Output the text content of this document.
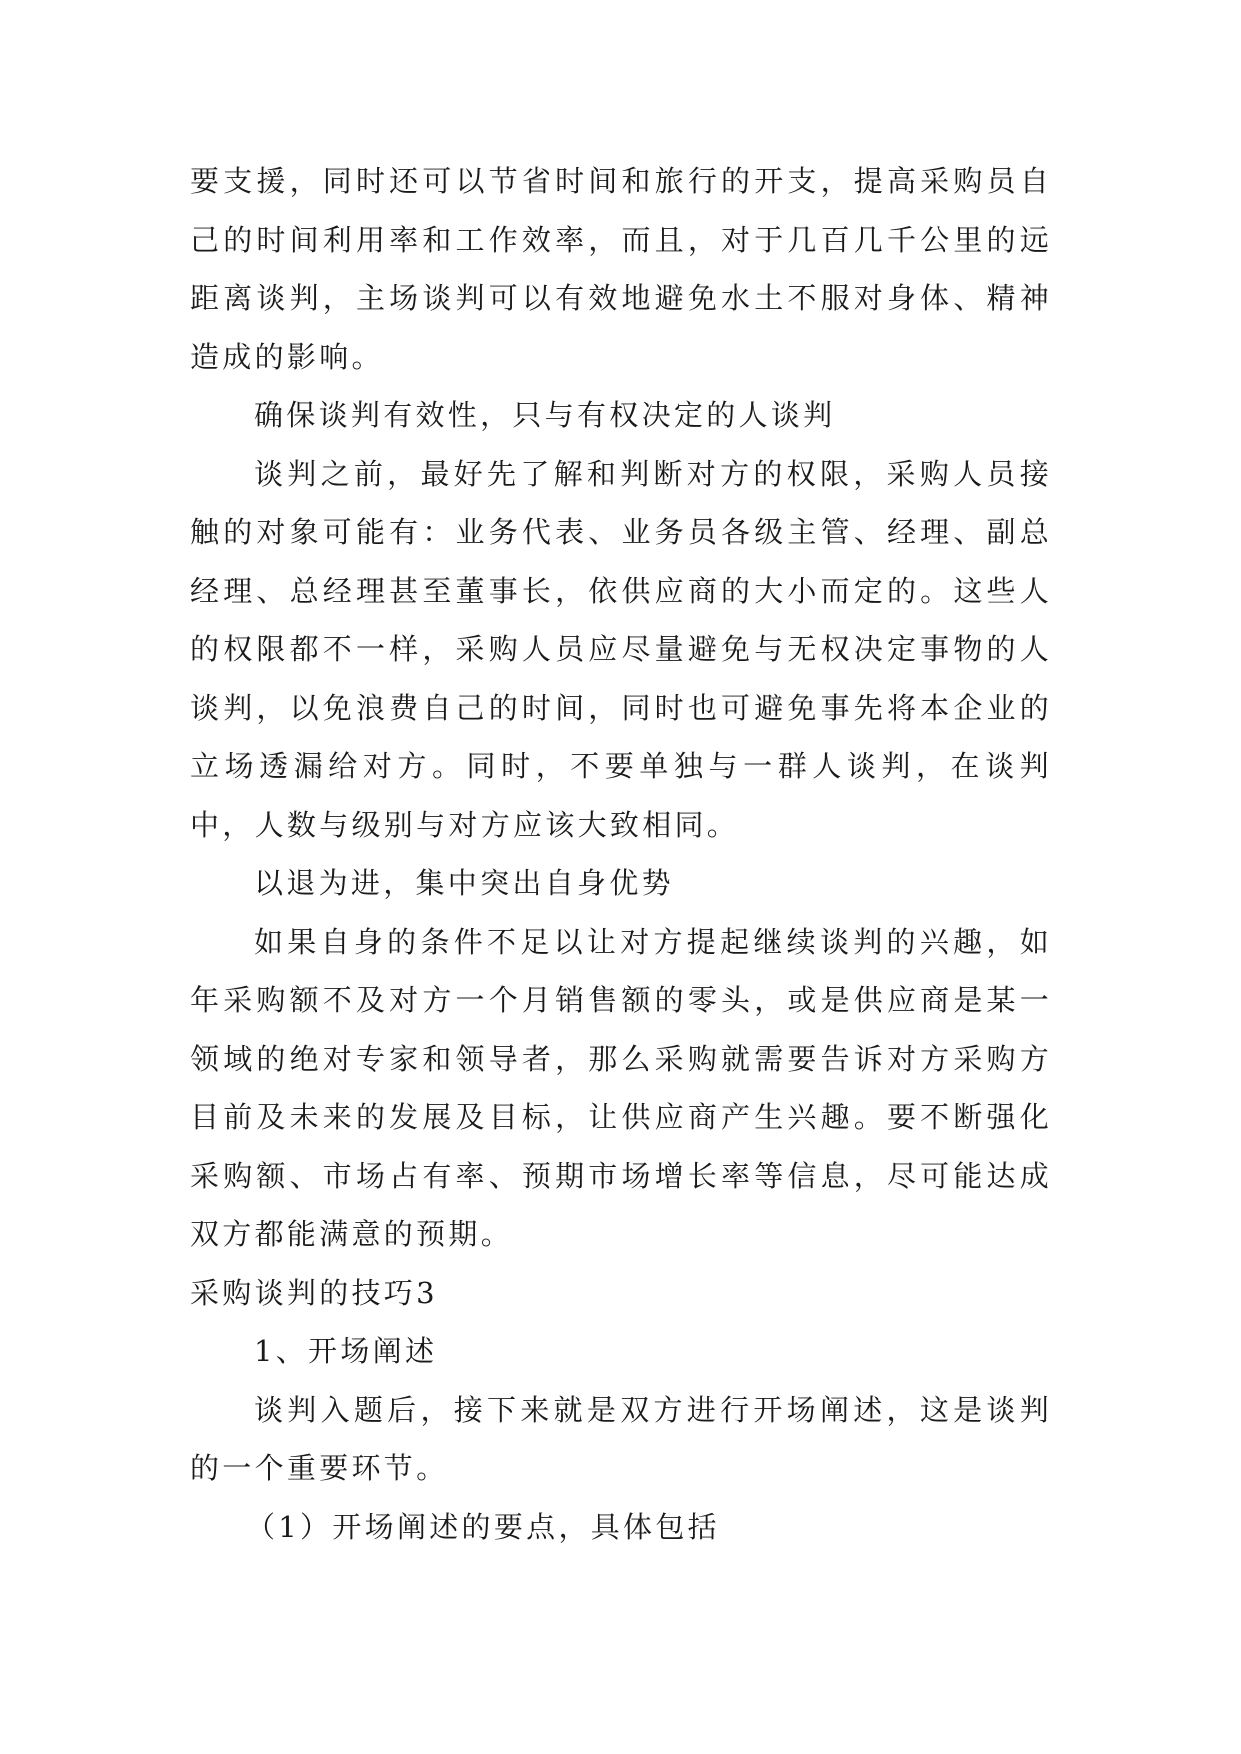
要支援，同时还可以节省时间和旅行的开支，提高采购员自己的时间利用率和工作效率，而且，对于几百几千公里的远距离谈判，主场谈判可以有效地避免水土不服对身体、精神造成的影响。

确保谈判有效性，只与有权决定的人谈判

谈判之前，最好先了解和判断对方的权限，采购人员接触的对象可能有：业务代表、业务员各级主管、经理、副总经理、总经理甚至董事长，依供应商的大小而定的。这些人的权限都不一样，采购人员应尽量避免与无权决定事物的人谈判，以免浪费自己的时间，同时也可避免事先将本企业的立场透漏给对方。同时，不要单独与一群人谈判，在谈判中，人数与级别与对方应该大致相同。

以退为进，集中突出自身优势

如果自身的条件不足以让对方提起继续谈判的兴趣，如年采购额不及对方一个月销售额的零头，或是供应商是某一领域的绝对专家和领导者，那么采购就需要告诉对方采购方目前及未来的发展及目标，让供应商产生兴趣。要不断强化采购额、市场占有率、预期市场增长率等信息，尽可能达成双方都能满意的预期。

采购谈判的技巧3

1、开场阐述

谈判入题后，接下来就是双方进行开场阐述，这是谈判的一个重要环节。

（1）开场阐述的要点，具体包括
